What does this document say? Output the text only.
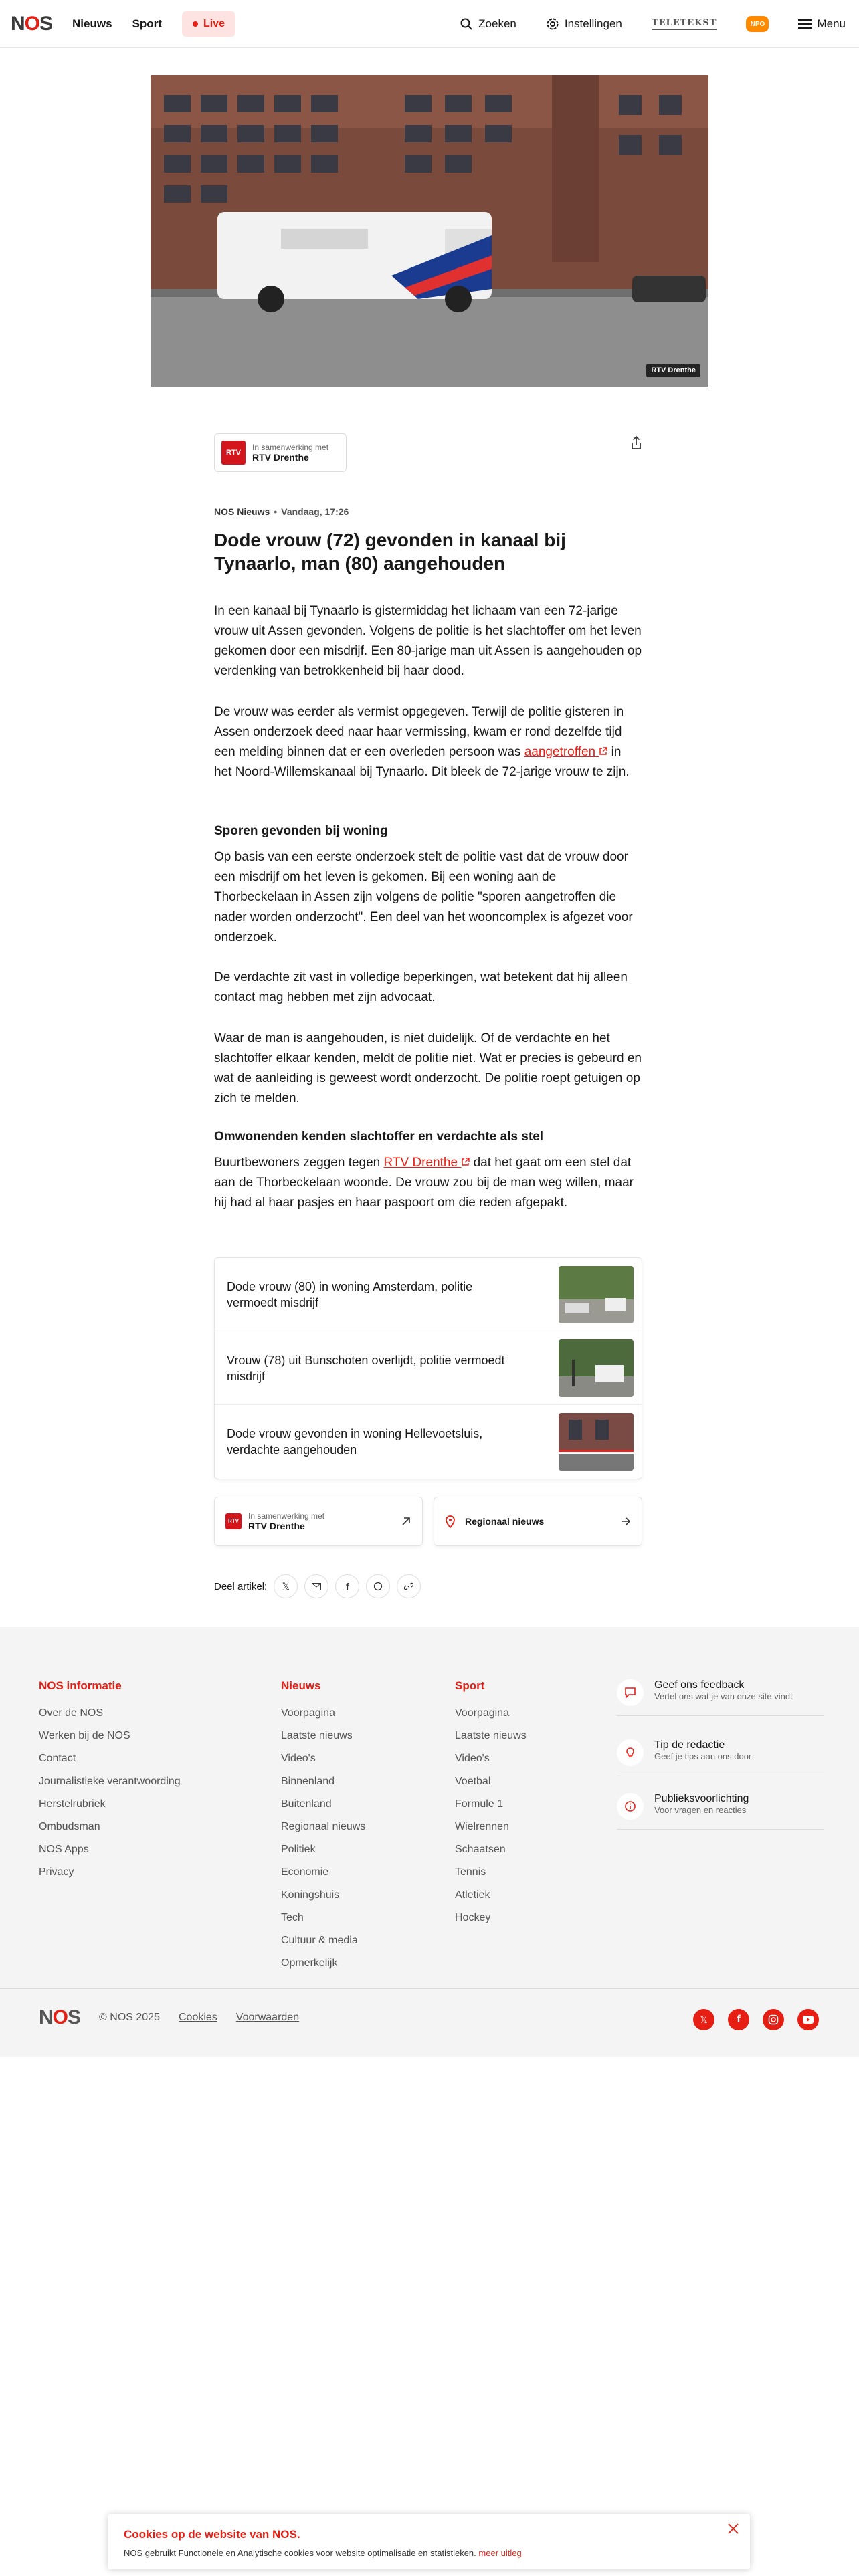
N O S Nieuws Sport	Live	Zoeken	Instellingen	TELETEKST	NPO	Menu
RTV Drenthe
RTV
In samenwerking met
RTV Drenthe
NOS Nieuws • Vandaag, 17:26
Dode vrouw (72) gevonden in kanaal bij Tynaarlo, man (80) aangehouden

In een kanaal bij Tynaarlo is gistermiddag het lichaam van een 72-jarige vrouw uit Assen gevonden. Volgens de politie is het slachtoffer om het leven gekomen door een misdrijf. Een 80-jarige man uit Assen is aangehouden op verdenking van betrokkenheid bij haar dood.

De vrouw was eerder als vermist opgegeven. Terwijl de politie gisteren in Assen onderzoek deed naar haar vermissing, kwam er rond dezelfde tijd een melding binnen dat er een overleden persoon was aangetroffen  in het Noord-Willemskanaal bij Tynaarlo. Dit bleek de 72-jarige vrouw te zijn.

Sporen gevonden bij woning

Op basis van een eerste onderzoek stelt de politie vast dat de vrouw door een misdrijf om het leven is gekomen. Bij een woning aan de Thorbeckelaan in Assen zijn volgens de politie "sporen aangetroffen die nader worden onderzocht". Een deel van het wooncomplex is afgezet voor onderzoek.

De verdachte zit vast in volledige beperkingen, wat betekent dat hij alleen contact mag hebben met zijn advocaat.

Waar de man is aangehouden, is niet duidelijk. Of de verdachte en het slachtoffer elkaar kenden, meldt de politie niet. Wat er precies is gebeurd en wat de aanleiding is geweest wordt onderzocht. De politie roept getuigen op zich te melden.

Omwonenden kenden slachtoffer en verdachte als stel

Buurtbewoners zeggen tegen RTV Drenthe  dat het gaat om een stel dat aan de Thorbeckelaan woonde. De vrouw zou bij de man weg willen, maar hij had al haar pasjes en haar paspoort om die reden afgepakt.

Dode vrouw (80) in woning Amsterdam, politie vermoedt misdrijf
Vrouw (78) uit Bunschoten overlijdt, politie vermoedt misdrijf
Dode vrouw gevonden in woning Hellevoetsluis, verdachte aangehouden
RTV
In samenwerking met
RTV Drenthe	Regionaal nieuws
Deel artikel:	𝕏	f
NOS informatie
Over de NOS
Werken bij de NOS
Contact
Journalistieke verantwoording
Herstelrubriek
Ombudsman
NOS Apps
Privacy
Nieuws
Voorpagina
Laatste nieuws
Video's
Binnenland
Buitenland
Regionaal nieuws
Politiek
Economie
Koningshuis
Tech
Cultuur & media
Opmerkelijk
Sport
Voorpagina
Laatste nieuws
Video's
Voetbal
Formule 1
Wielrennen
Schaatsen
Tennis
Atletiek
Hockey
Geef ons feedback
Vertel ons wat je van onze site vindt
Tip de redactie
Geef je tips aan ons door
Publieksvoorlichting
Voor vragen en reacties
N O S © NOS 2025 Cookies Voorwaarden	𝕏	f
Cookies op de website van NOS.
NOS gebruikt Functionele en Analytische cookies voor website optimalisatie en statistieken. meer uitleg
